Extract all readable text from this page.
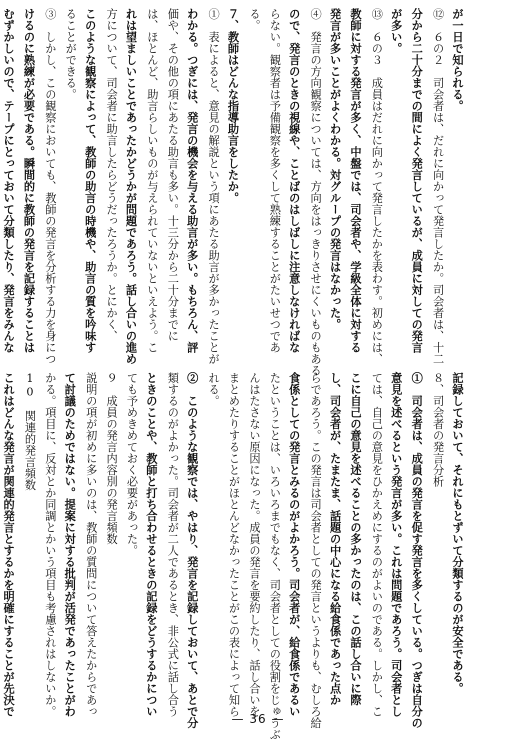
が一日で知られる。
⑫　６の２　司会者は、だれに向かって発言したか。司会者は、十二
分から二十分までの間によく発言しているが、成員に対しての発言
が多い。
⑬　６の３　成員はだれに向かって発言したかを表わす。初めには、
教師に対する発言が多く、中盤では、司会者や、学級全体に対する
発言が多いことがよくわかる。対グループの発言はなかった。
④　発言の方向観察については、方向をはっきりさせにくいものもある
ので、発言のときの視線や、ことばのはしばしに注意しなければな
らない。観察者は予備観察を多くして熟練することがたいせつであ
る。
７、教師はどんな指導助言をしたか。
①　表によると、意見の解説という項にあたる助言が多かったことが
わかる。つぎには、発言の機会を与える助言が多い。もちろん、評
価や、その他の項にあたる助言も多い。十三分から二十分までに
は、ほとんど、助言らしいものが与えられていないといえよう。こ
れは望ましいことであったかどうかが問題であろう。話し合いの進め
方について、司会者に助言したらどうだったろうか。とにかく、
このような観察によって、教師の助言の時機や、助言の質を吟味す
ることができる。
③　しかし、この観察においても、教師の発言を分析する力を身につ
けるのに熟練が必要である。瞬間的に教師の発言を記録することは
むずかしいので、テープにとっておいて分類したり、発言をみんな
記録しておいて、それにもとずいて分類するのが安全である。
８、司会者の発言分析
①　司会者は、成員の発言を促す発言を多くしている。つぎは自分の
意見を述べるという発言が多い。これは問題であろう。司会者とし
ては、自己の意見をひかえめにするのがよいのである。しかし、こ
こに自己の意見を述べることの多かったのは、この話し合いに際
し、司会者が、たまたま、話題の中心になる給食係であった点か
らであろう。この発言は司会者としての発言というよりも、むしろ給
食係としての発言とみるのがよかろう。司会者が、給食係であるい
たということは、いろいろまでもなく、司会者としての役割をじゅうぶ
んはたさない原因になった。成員の発言を要約したり、話し合いを
まとめたりすることがほとんどなかったことがこの表によって知ら
れる。
②　このような観察では、やはり、発言を記録しておいて、あとで分
類するのがよかった。司会者が二人であるとき、非公式に話し合う
ときのことや、教師と打ち合わせるときの記録をどうするかについ
ても予めきめておく必要があった。
９　成員の発言内容別の発言頻数
説明の項が初めに多いのは、教師の質問について答えたからであっ
て討議のためではない。提案に対する批判が活発であったことがわ
かる。項目に、反対とか同調とかいう項目も考慮されはしないか。
10　関連的発言頻数
これはどんな発言が関連的発言とするかを明確にすることが先決で
— 36 —
